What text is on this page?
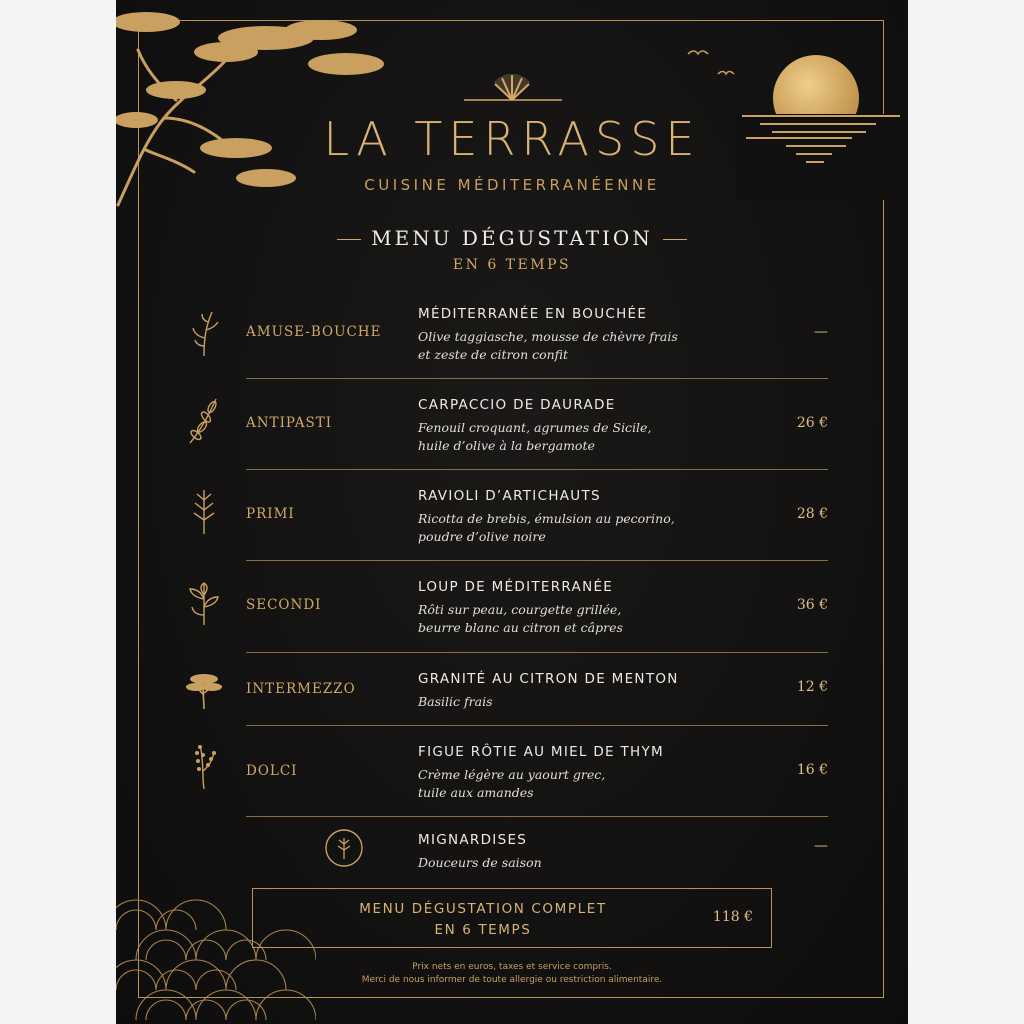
LA TERRASSE
CUISINE MÉDITERRANÉENNE
MENU DÉGUSTATION
EN 6 TEMPS
AMUSE-BOUCHE
MÉDITERRANÉE EN BOUCHÉE
Olive taggiasche, mousse de chèvre frais
et zeste de citron confit
—
ANTIPASTI
CARPACCIO DE DAURADE
Fenouil croquant, agrumes de Sicile,
huile d’olive à la bergamote
26 €
PRIMI
RAVIOLI D’ARTICHAUTS
Ricotta de brebis, émulsion au pecorino,
poudre d’olive noire
28 €
SECONDI
LOUP DE MÉDITERRANÉE
Rôti sur peau, courgette grillée,
beurre blanc au citron et câpres
36 €
INTERMEZZO
GRANITÉ AU CITRON DE MENTON
Basilic frais
12 €
DOLCI
FIGUE RÔTIE AU MIEL DE THYM
Crème légère au yaourt grec,
tuile aux amandes
16 €
MIGNARDISES
Douceurs de saison
—
MENU DÉGUSTATION COMPLET
EN 6 TEMPS
118 €
Prix nets en euros, taxes et service compris.
Merci de nous informer de toute allergie ou restriction alimentaire.
